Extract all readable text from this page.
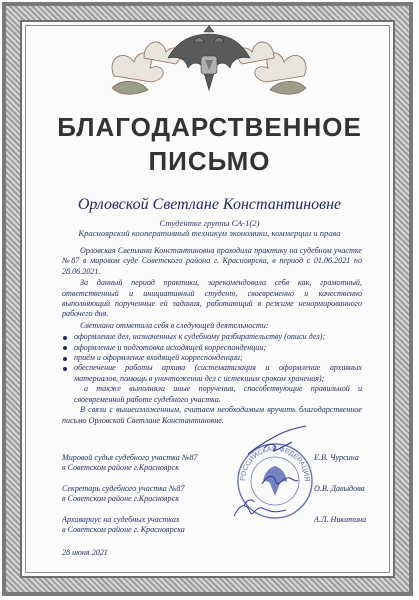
БЛАГОДАРСТВЕННОЕ
ПИСЬМО
Орловской Светлане Константиновне
Студентке группы СА-1(2)
Красноярский кооперативный техникум экономики, коммерции и права

Орловская Светлана Константиновна проходила практику на судебном участке №87 в мировом суде Советского района г. Красноярска, в период с 01.06.2021 по 28.06.2021.

За данный период практики, зарекомендовала себя как, грамотный, ответственный и инициативный студент, своевременно и качественно выполняющий порученные ей задания, работающий в режиме ненормированного рабочего дня.

Светлана отметила себя в следующей деятельности:

оформление дел, назначенных к судебному разбирательству (описи дел);
оформление и подготовка исходящей корреспонденции;
приём и оформление входящей корреспонденции;
обеспечение работы архива (систематизация и оформление архивных материалов, помощь в уничтожении дел с истекшим сроком хранения);
а также выполняла иные поручения, способствующие правильной и своевременной работе судебного участка.

В связи с вышеизложенным, считаем необходимым вручить благодарственное письмо Орловской Светлане Константиновне.

Мировой судья судебного участка №87
в Советском районе г.Красноярск
Е.В. Чурсина
Секретарь судебного участка №87
в Советском районе г.Красноярск
О.В. Давыдова
Архивариус на судебных участках
в Советском районе г. Красноярска
А.Л. Никитина
РОССИЙСКАЯ ФЕДЕРАЦИЯ
28 июня 2021
